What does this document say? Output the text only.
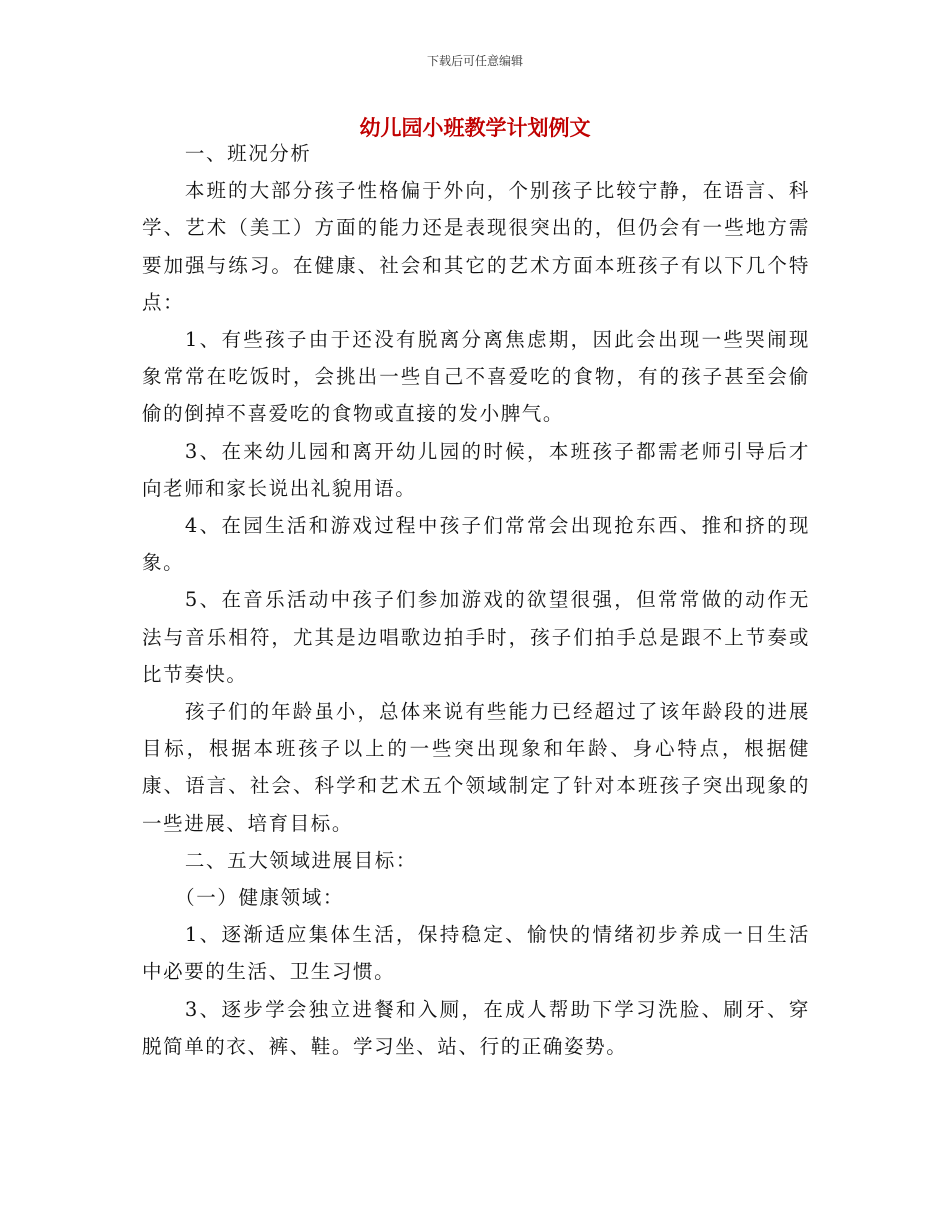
下载后可任意编辑
幼儿园小班教学计划例文

一、班况分析

本班的大部分孩子性格偏于外向，个别孩子比较宁静，在语言、科学、艺术（美工）方面的能力还是表现很突出的，但仍会有一些地方需要加强与练习。在健康、社会和其它的艺术方面本班孩子有以下几个特点：

1、有些孩子由于还没有脱离分离焦虑期，因此会出现一些哭闹现象常常在吃饭时，会挑出一些自己不喜爱吃的食物，有的孩子甚至会偷偷的倒掉不喜爱吃的食物或直接的发小脾气。

3、在来幼儿园和离开幼儿园的时候，本班孩子都需老师引导后才向老师和家长说出礼貌用语。

4、在园生活和游戏过程中孩子们常常会出现抢东西、推和挤的现象。

5、在音乐活动中孩子们参加游戏的欲望很强，但常常做的动作无法与音乐相符，尤其是边唱歌边拍手时，孩子们拍手总是跟不上节奏或比节奏快。

孩子们的年龄虽小，总体来说有些能力已经超过了该年龄段的进展目标，根据本班孩子以上的一些突出现象和年龄、身心特点，根据健康、语言、社会、科学和艺术五个领域制定了针对本班孩子突出现象的一些进展、培育目标。

二、五大领域进展目标：

（一）健康领域：

1、逐渐适应集体生活，保持稳定、愉快的情绪初步养成一日生活中必要的生活、卫生习惯。

3、逐步学会独立进餐和入厕，在成人帮助下学习洗脸、刷牙、穿脱简单的衣、裤、鞋。学习坐、站、行的正确姿势。
